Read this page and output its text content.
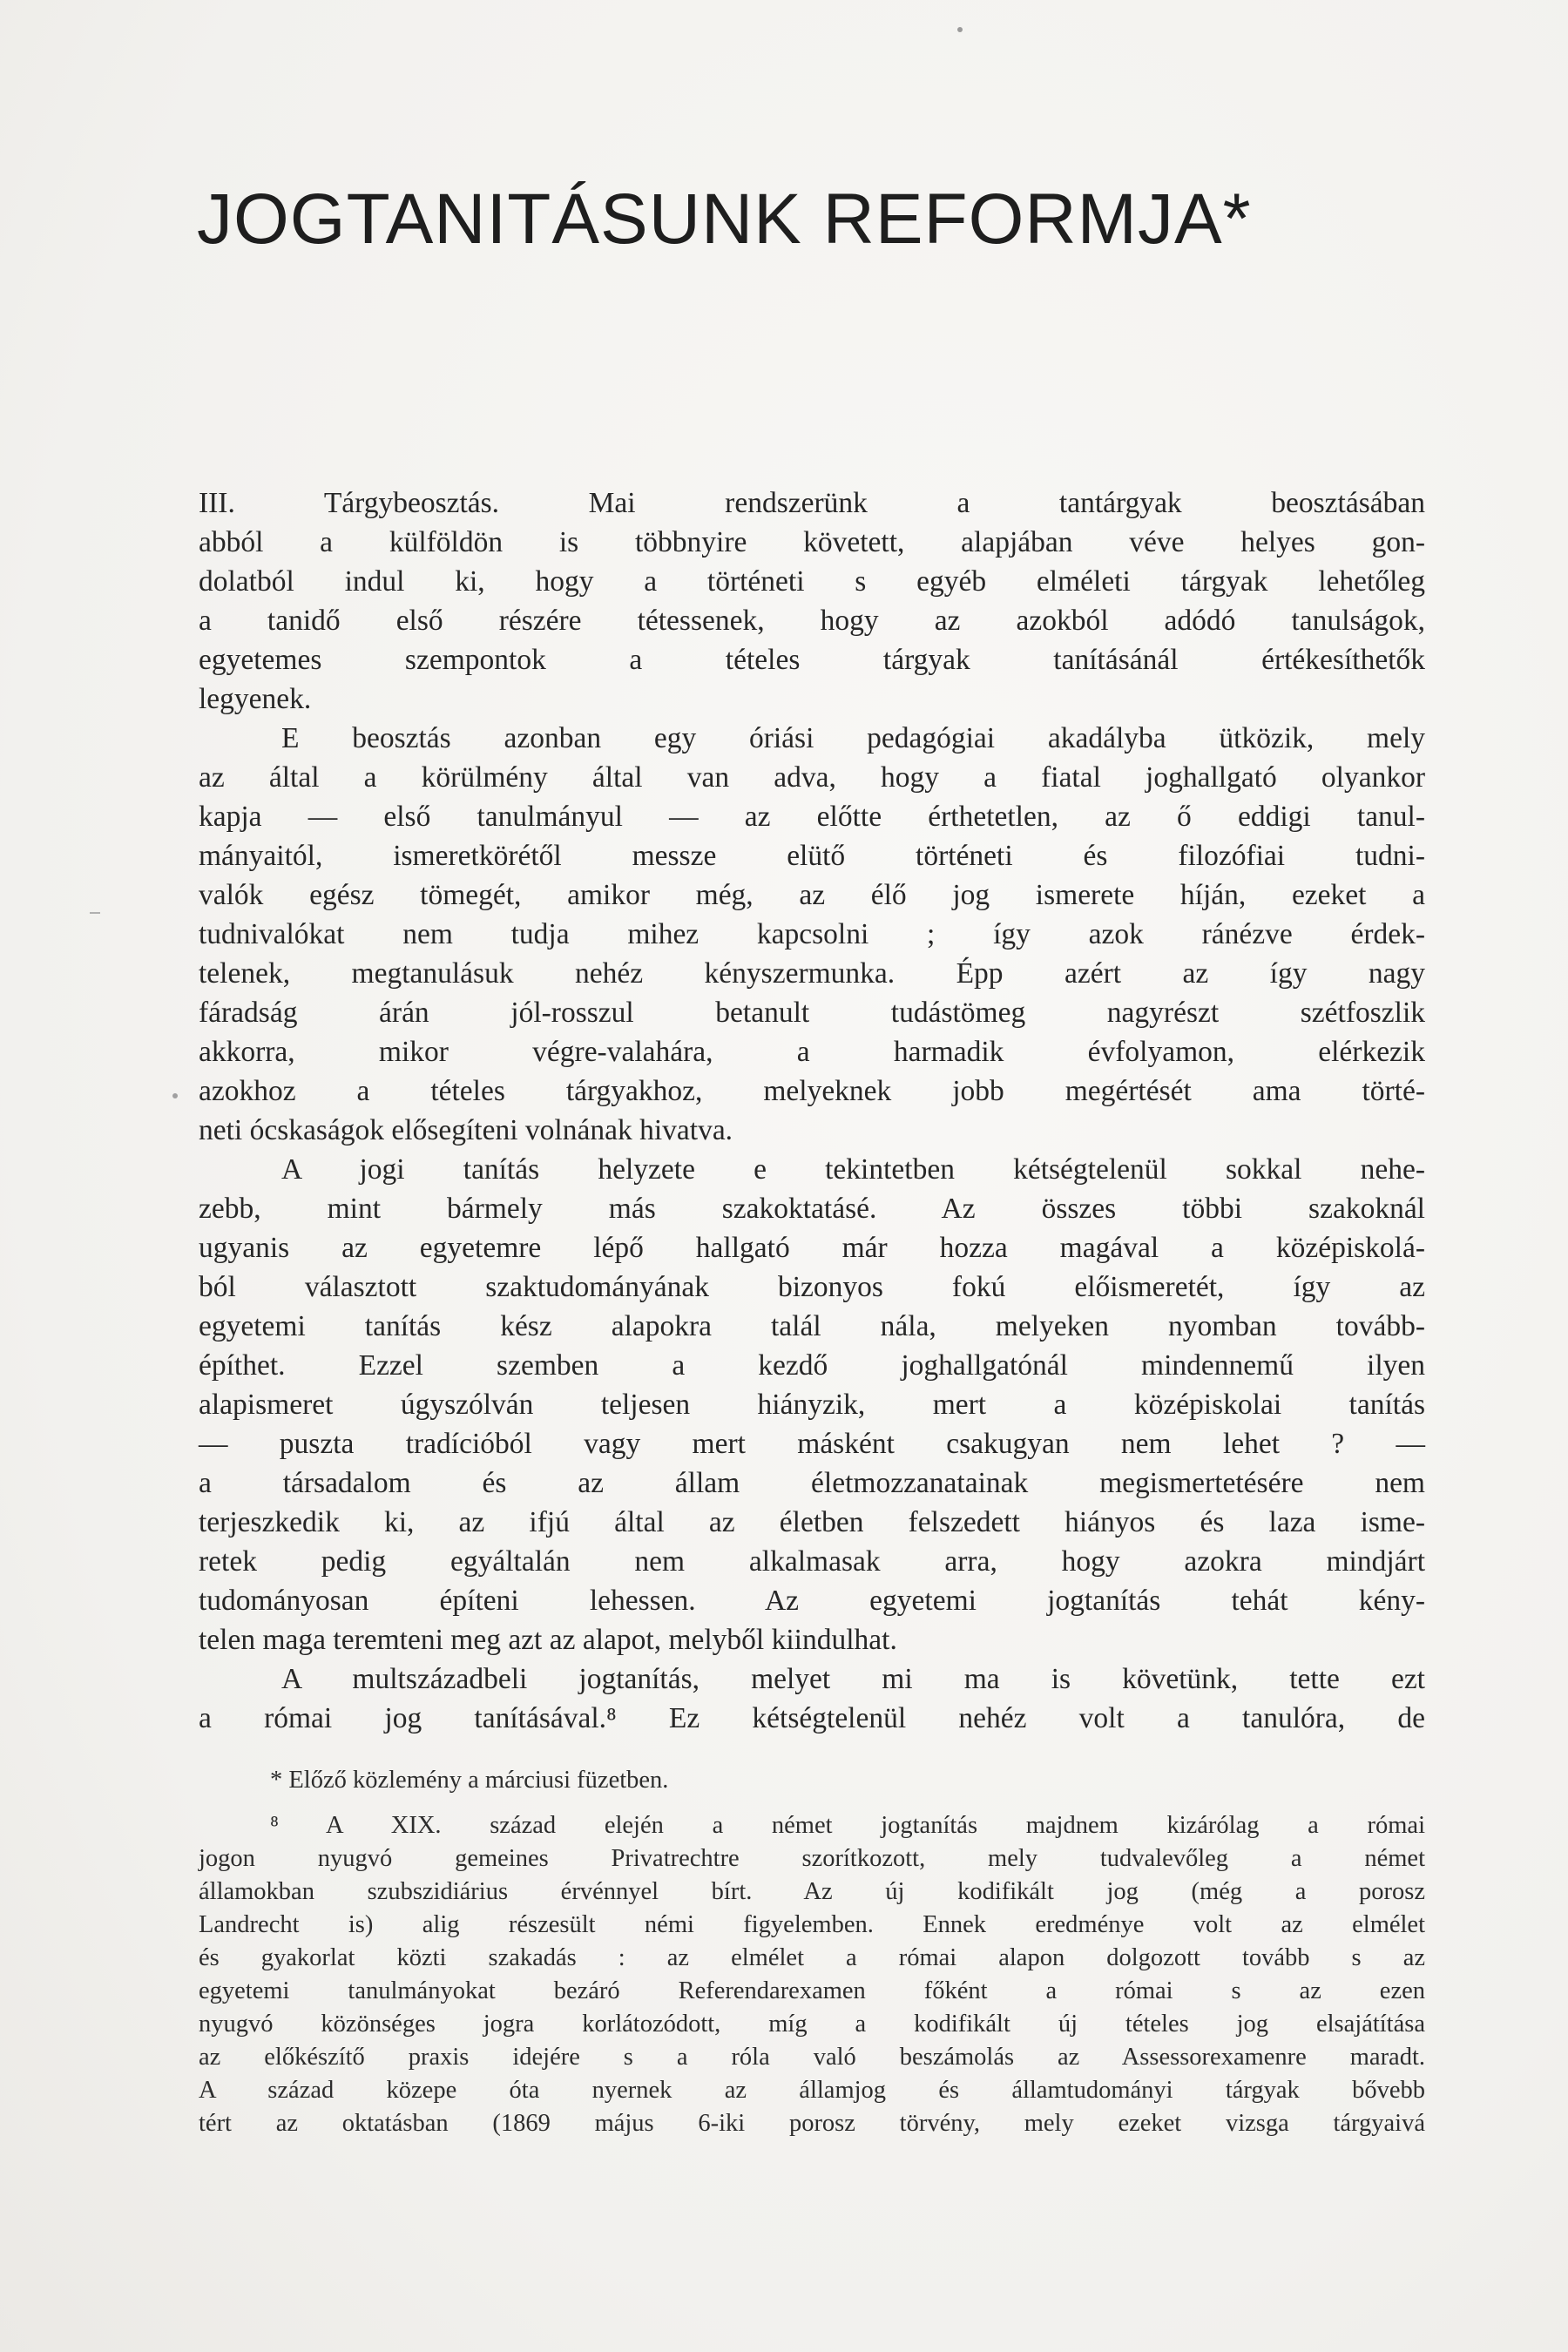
JOGTANITÁSUNK REFORMJA*
III. Tárgybeosztás. Mai rendszerünk a tantárgyak beosztásában
abból a külföldön is többnyire követett, alapjában véve helyes gon-
dolatból indul ki, hogy a történeti s egyéb elméleti tárgyak lehetőleg
a tanidő első részére tétessenek, hogy az azokból adódó tanulságok,
egyetemes szempontok a tételes tárgyak tanításánál értékesíthetők
legyenek.
E beosztás azonban egy óriási pedagógiai akadályba ütközik, mely
az által a körülmény által van adva, hogy a fiatal joghallgató olyankor
kapja — első tanulmányul — az előtte érthetetlen, az ő eddigi tanul-
mányaitól, ismeretkörétől messze elütő történeti és filozófiai tudni-
valók egész tömegét, amikor még, az élő jog ismerete híján, ezeket a
tudnivalókat nem tudja mihez kapcsolni ; így azok ránézve érdek-
telenek, megtanulásuk nehéz kényszermunka. Épp azért az így nagy
fáradság árán jól-rosszul betanult tudástömeg nagyrészt szétfoszlik
akkorra, mikor végre-valahára, a harmadik évfolyamon, elérkezik
azokhoz a tételes tárgyakhoz, melyeknek jobb megértését ama törté-
neti ócskaságok elősegíteni volnának hivatva.
A jogi tanítás helyzete e tekintetben kétségtelenül sokkal nehe-
zebb, mint bármely más szakoktatásé. Az összes többi szakoknál
ugyanis az egyetemre lépő hallgató már hozza magával a középiskolá-
ból választott szaktudományának bizonyos fokú előismeretét, így az
egyetemi tanítás kész alapokra talál nála, melyeken nyomban tovább-
építhet. Ezzel szemben a kezdő joghallgatónál mindennemű ilyen
alapismeret úgyszólván teljesen hiányzik, mert a középiskolai tanítás
— puszta tradícióból vagy mert másként csakugyan nem lehet ? —
a társadalom és az állam életmozzanatainak megismertetésére nem
terjeszkedik ki, az ifjú által az életben felszedett hiányos és laza isme-
retek pedig egyáltalán nem alkalmasak arra, hogy azokra mindjárt
tudományosan építeni lehessen. Az egyetemi jogtanítás tehát kény-
telen maga teremteni meg azt az alapot, melyből kiindulhat.
A multszázadbeli jogtanítás, melyet mi ma is követünk, tette ezt
a római jog tanításával.⁸ Ez kétségtelenül nehéz volt a tanulóra, de
* Előző közlemény a márciusi füzetben.
⁸ A XIX. század elején a német jogtanítás majdnem kizárólag a római
jogon nyugvó gemeines Privatrechtre szorítkozott, mely tudvalevőleg a német
államokban szubszidiárius érvénnyel bírt. Az új kodifikált jog (még a porosz
Landrecht is) alig részesült némi figyelemben. Ennek eredménye volt az elmélet
és gyakorlat közti szakadás : az elmélet a római alapon dolgozott tovább s az
egyetemi tanulmányokat bezáró Referendarexamen főként a római s az ezen
nyugvó közönséges jogra korlátozódott, míg a kodifikált új tételes jog elsajátítása
az előkészítő praxis idejére s a róla való beszámolás az Assessorexamenre maradt.
A század közepe óta nyernek az államjog és államtudományi tárgyak bővebb
tért az oktatásban (1869 május 6-iki porosz törvény, mely ezeket vizsga tárgyaivá
